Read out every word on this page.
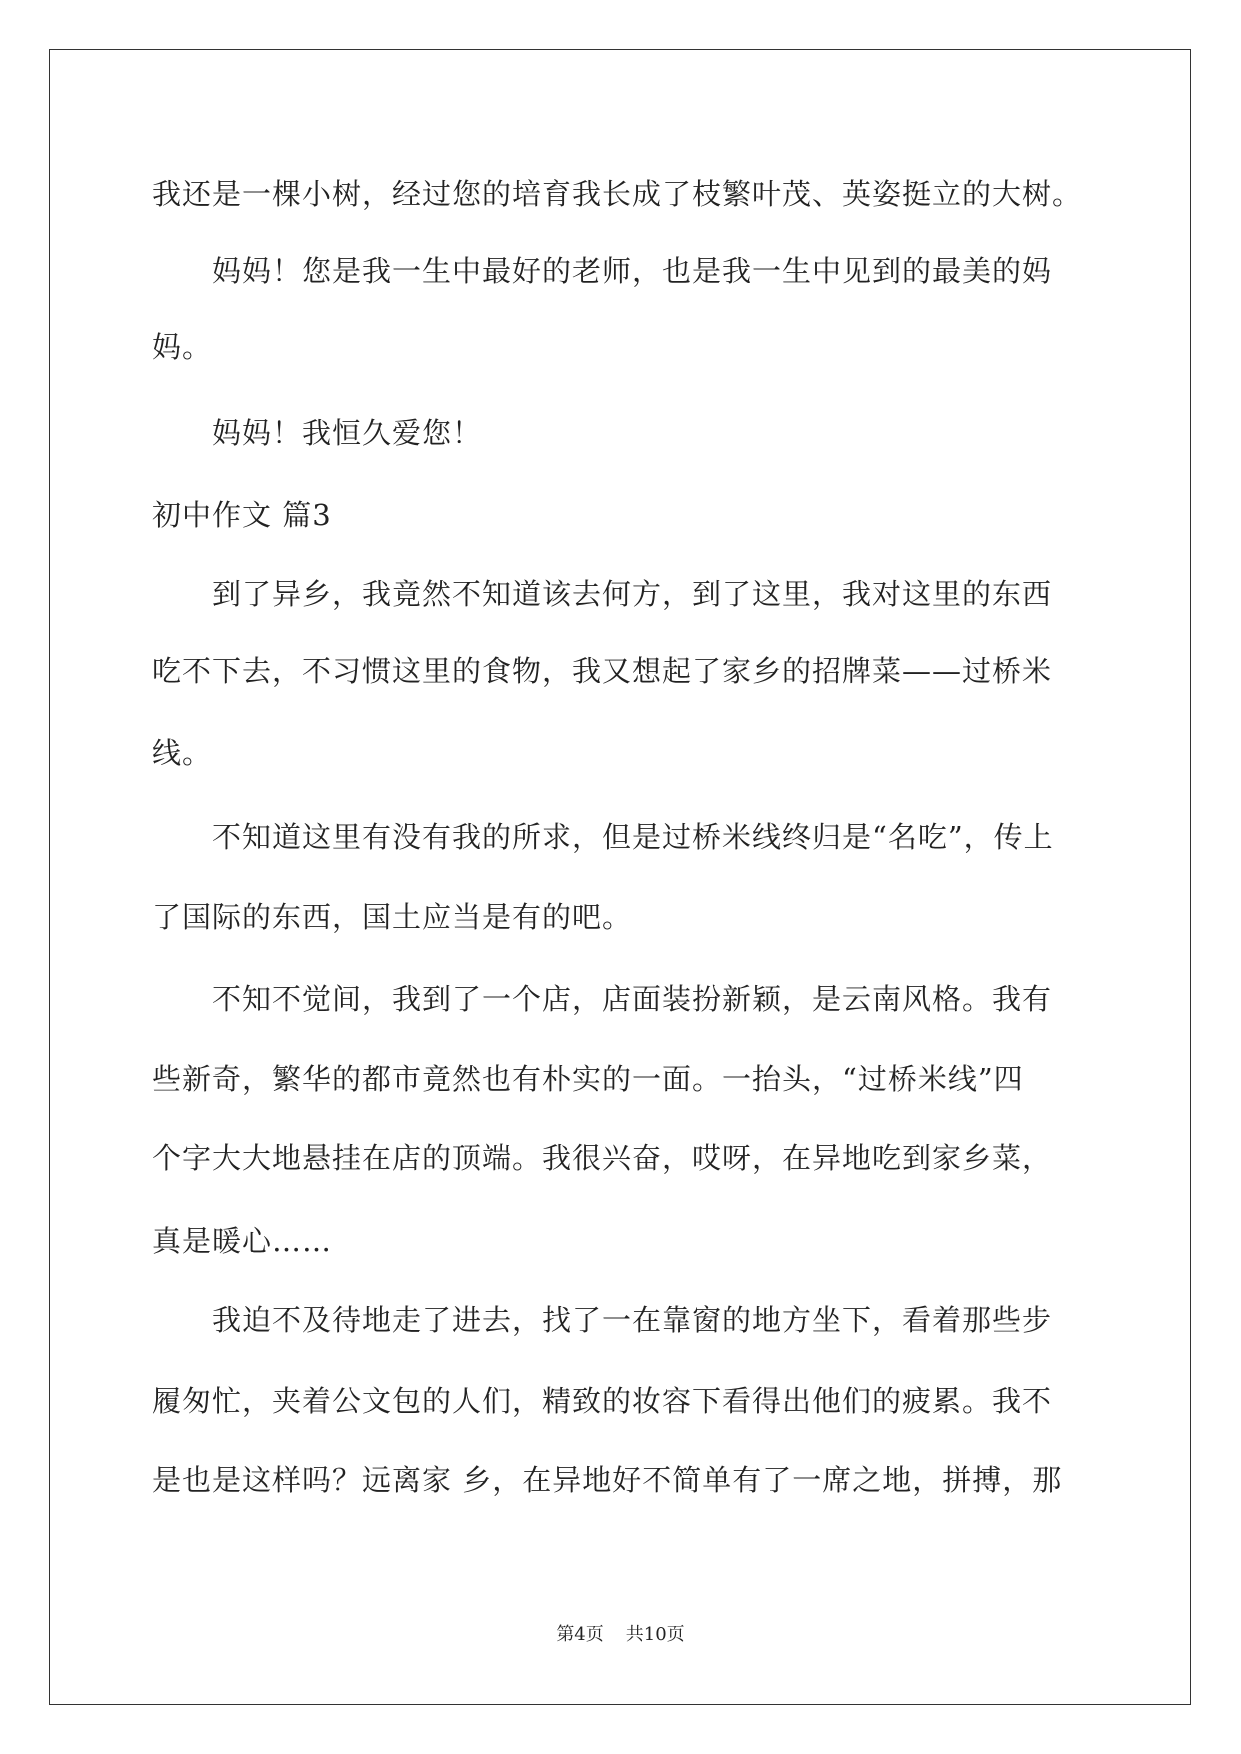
我还是一棵小树，经过您的培育我长成了枝繁叶茂、英姿挺立的大树。
　　妈妈！您是我一生中最好的老师，也是我一生中见到的最美的妈
妈。
　　妈妈！我恒久爱您！
初中作文 篇3
　　到了异乡，我竟然不知道该去何方，到了这里，我对这里的东西
吃不下去，不习惯这里的食物，我又想起了家乡的招牌菜——过桥米
线。
　　不知道这里有没有我的所求，但是过桥米线终归是“名吃”，传上
了国际的东西，国土应当是有的吧。
　　不知不觉间，我到了一个店，店面装扮新颖，是云南风格。我有
些新奇，繁华的都市竟然也有朴实的一面。一抬头，“过桥米线”四
个字大大地悬挂在店的顶端。我很兴奋，哎呀，在异地吃到家乡菜，
真是暖心……
　　我迫不及待地走了进去，找了一在靠窗的地方坐下，看着那些步
履匆忙，夹着公文包的人们，精致的妆容下看得出他们的疲累。我不
是也是这样吗？远离家 乡，在异地好不简单有了一席之地，拼搏，那
第4页 共10页
